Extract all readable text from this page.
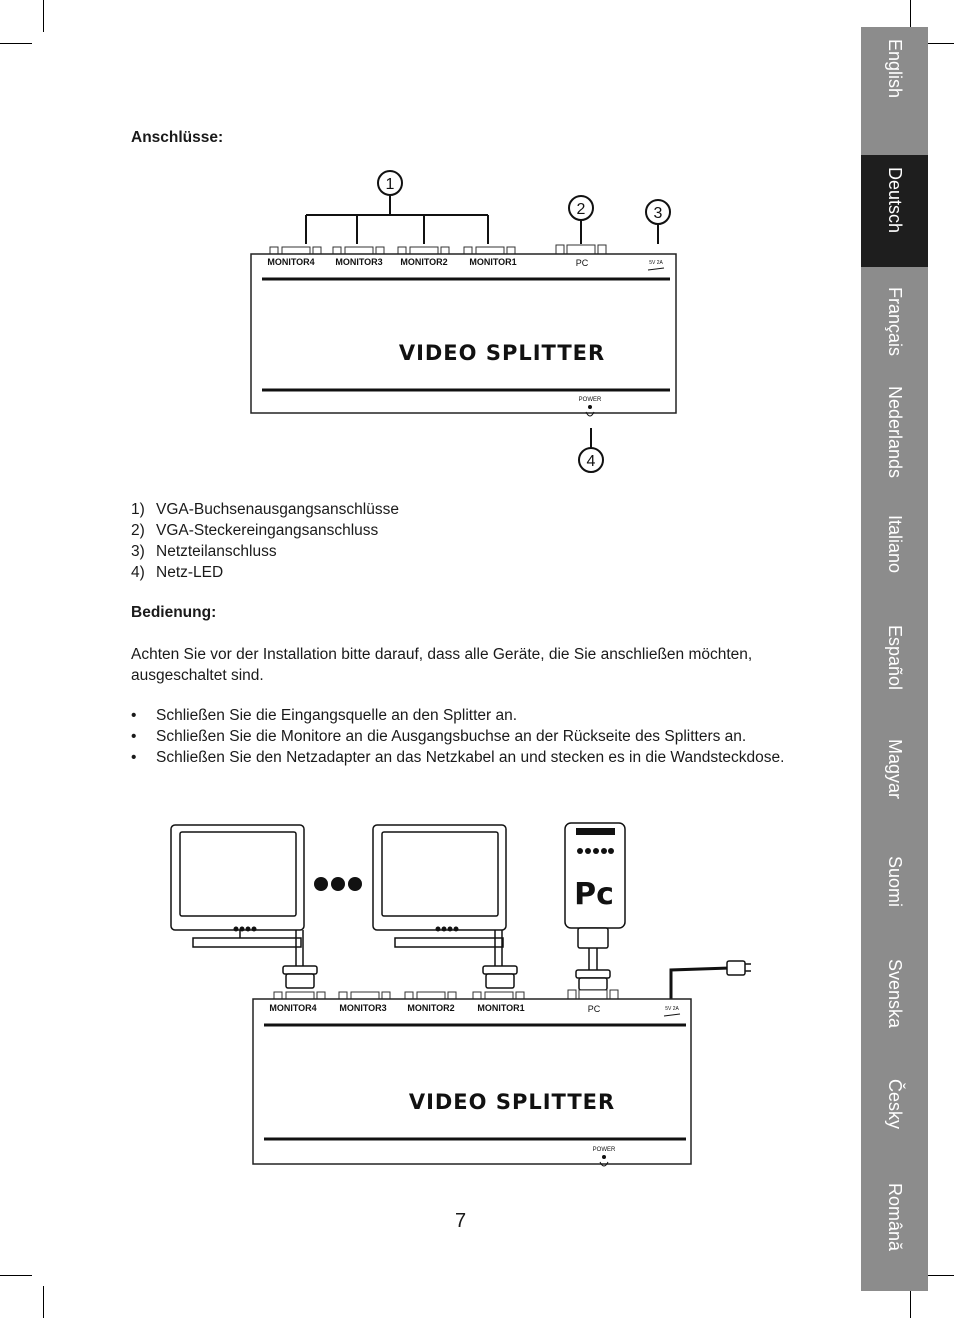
English
Deutsch
Français
Nederlands
Italiano
Español
Magyar
Suomi
Svenska
Česky
Română
Anschlüsse:
1
2	3
MONITOR4 MONITOR3 MONITOR2 MONITOR1	PC	5V 2A
VIDEO SPLITTER
POWER
4
1) VGA-Buchsenausgangsanschlüsse
2) VGA-Steckereingangsanschluss
3) Netzteilanschluss
4) Netz-LED
Bedienung:
Achten Sie vor der Installation bitte darauf, dass alle Geräte, die Sie anschließen möchten, ausgeschaltet sind.
•	Schließen Sie die Eingangsquelle an den Splitter an.
•	Schließen Sie die Monitore an die Ausgangsbuchse an der Rückseite des Splitters an.
•	Schließen Sie den Netzadapter an das Netzkabel an und stecken es in die Wandsteckdose.
Pc
MONITOR4	MONITOR3 MONITOR2	MONITOR1	PC	5V 2A
VIDEO SPLITTER
POWER
7
